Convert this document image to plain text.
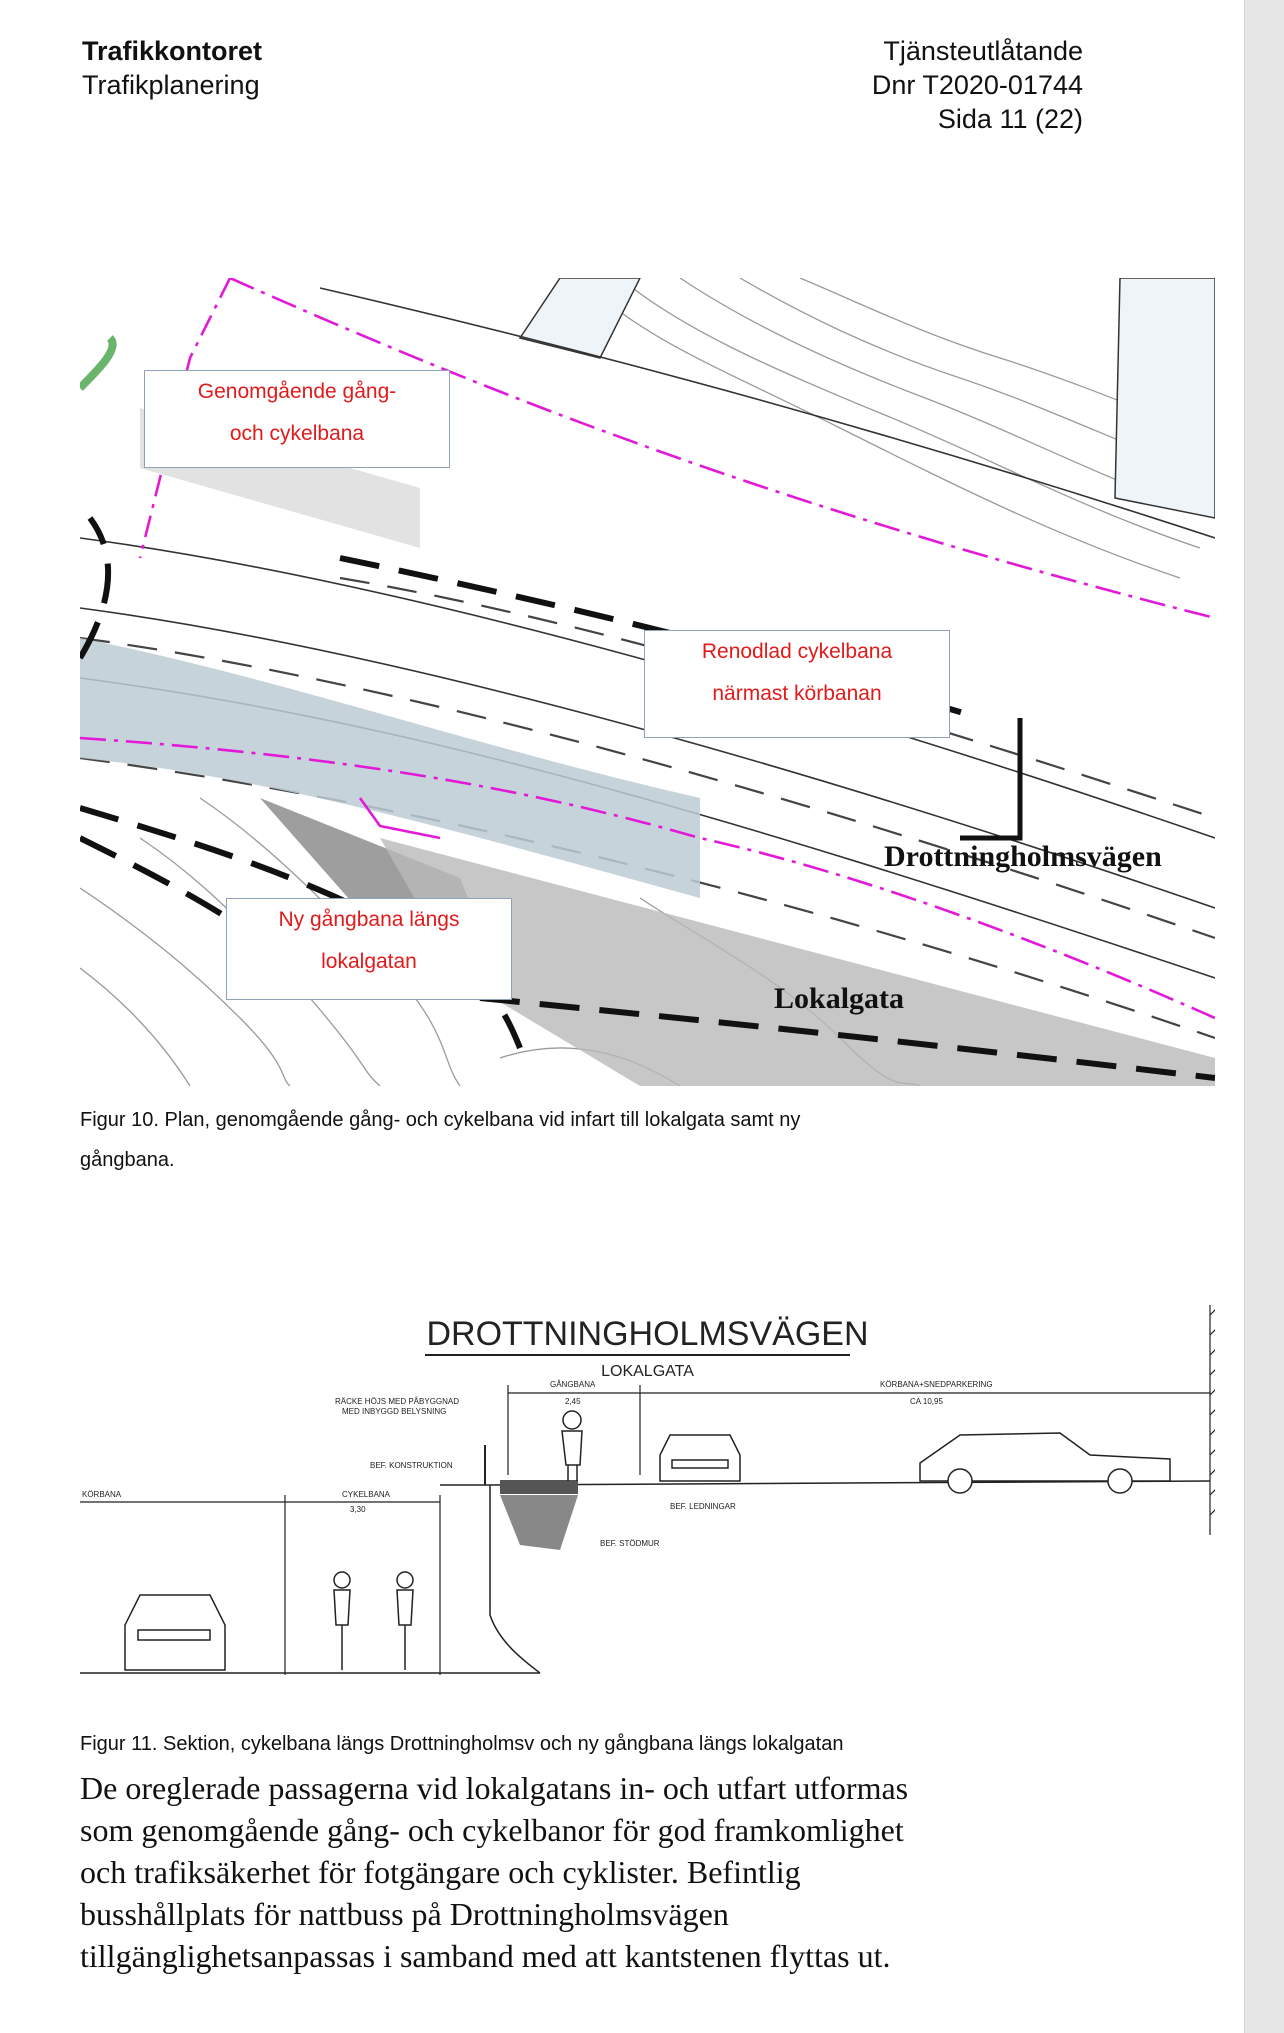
Trafikkontoret
Trafikplanering
Tjänsteutlåtande
Dnr T2020-01744
Sida 11 (22)
Genomgående gång-
och cykelbana
Renodlad cykelbana
närmast körbanan
Ny gångbana längs
lokalgatan
Drottningholmsvägen
Lokalgata
Figur 10. Plan, genomgående gång- och cykelbana vid infart till lokalgata samt ny
gångbana.
DROTTNINGHOLMSVÄGEN
LOKALGATA
GÅNGBANA
2,45
KÖRBANA+SNEDPARKERING
CA 10,95
RÄCKE HÖJS MED PÅBYGGNAD
MED INBYGGD BELYSNING
BEF. KONSTRUKTION
KÖRBANA	CYKELBANA
3,30	BEF. LEDNINGAR
BEF. STÖDMUR
Figur 11. Sektion, cykelbana längs Drottningholmsv och ny gångbana längs lokalgatan
De oreglerade passagerna vid lokalgatans in- och utfart utformas
som genomgående gång- och cykelbanor för god framkomlighet
och trafiksäkerhet för fotgängare och cyklister. Befintlig
busshållplats för nattbuss på Drottningholmsvägen
tillgänglighetsanpassas i samband med att kantstenen flyttas ut.
